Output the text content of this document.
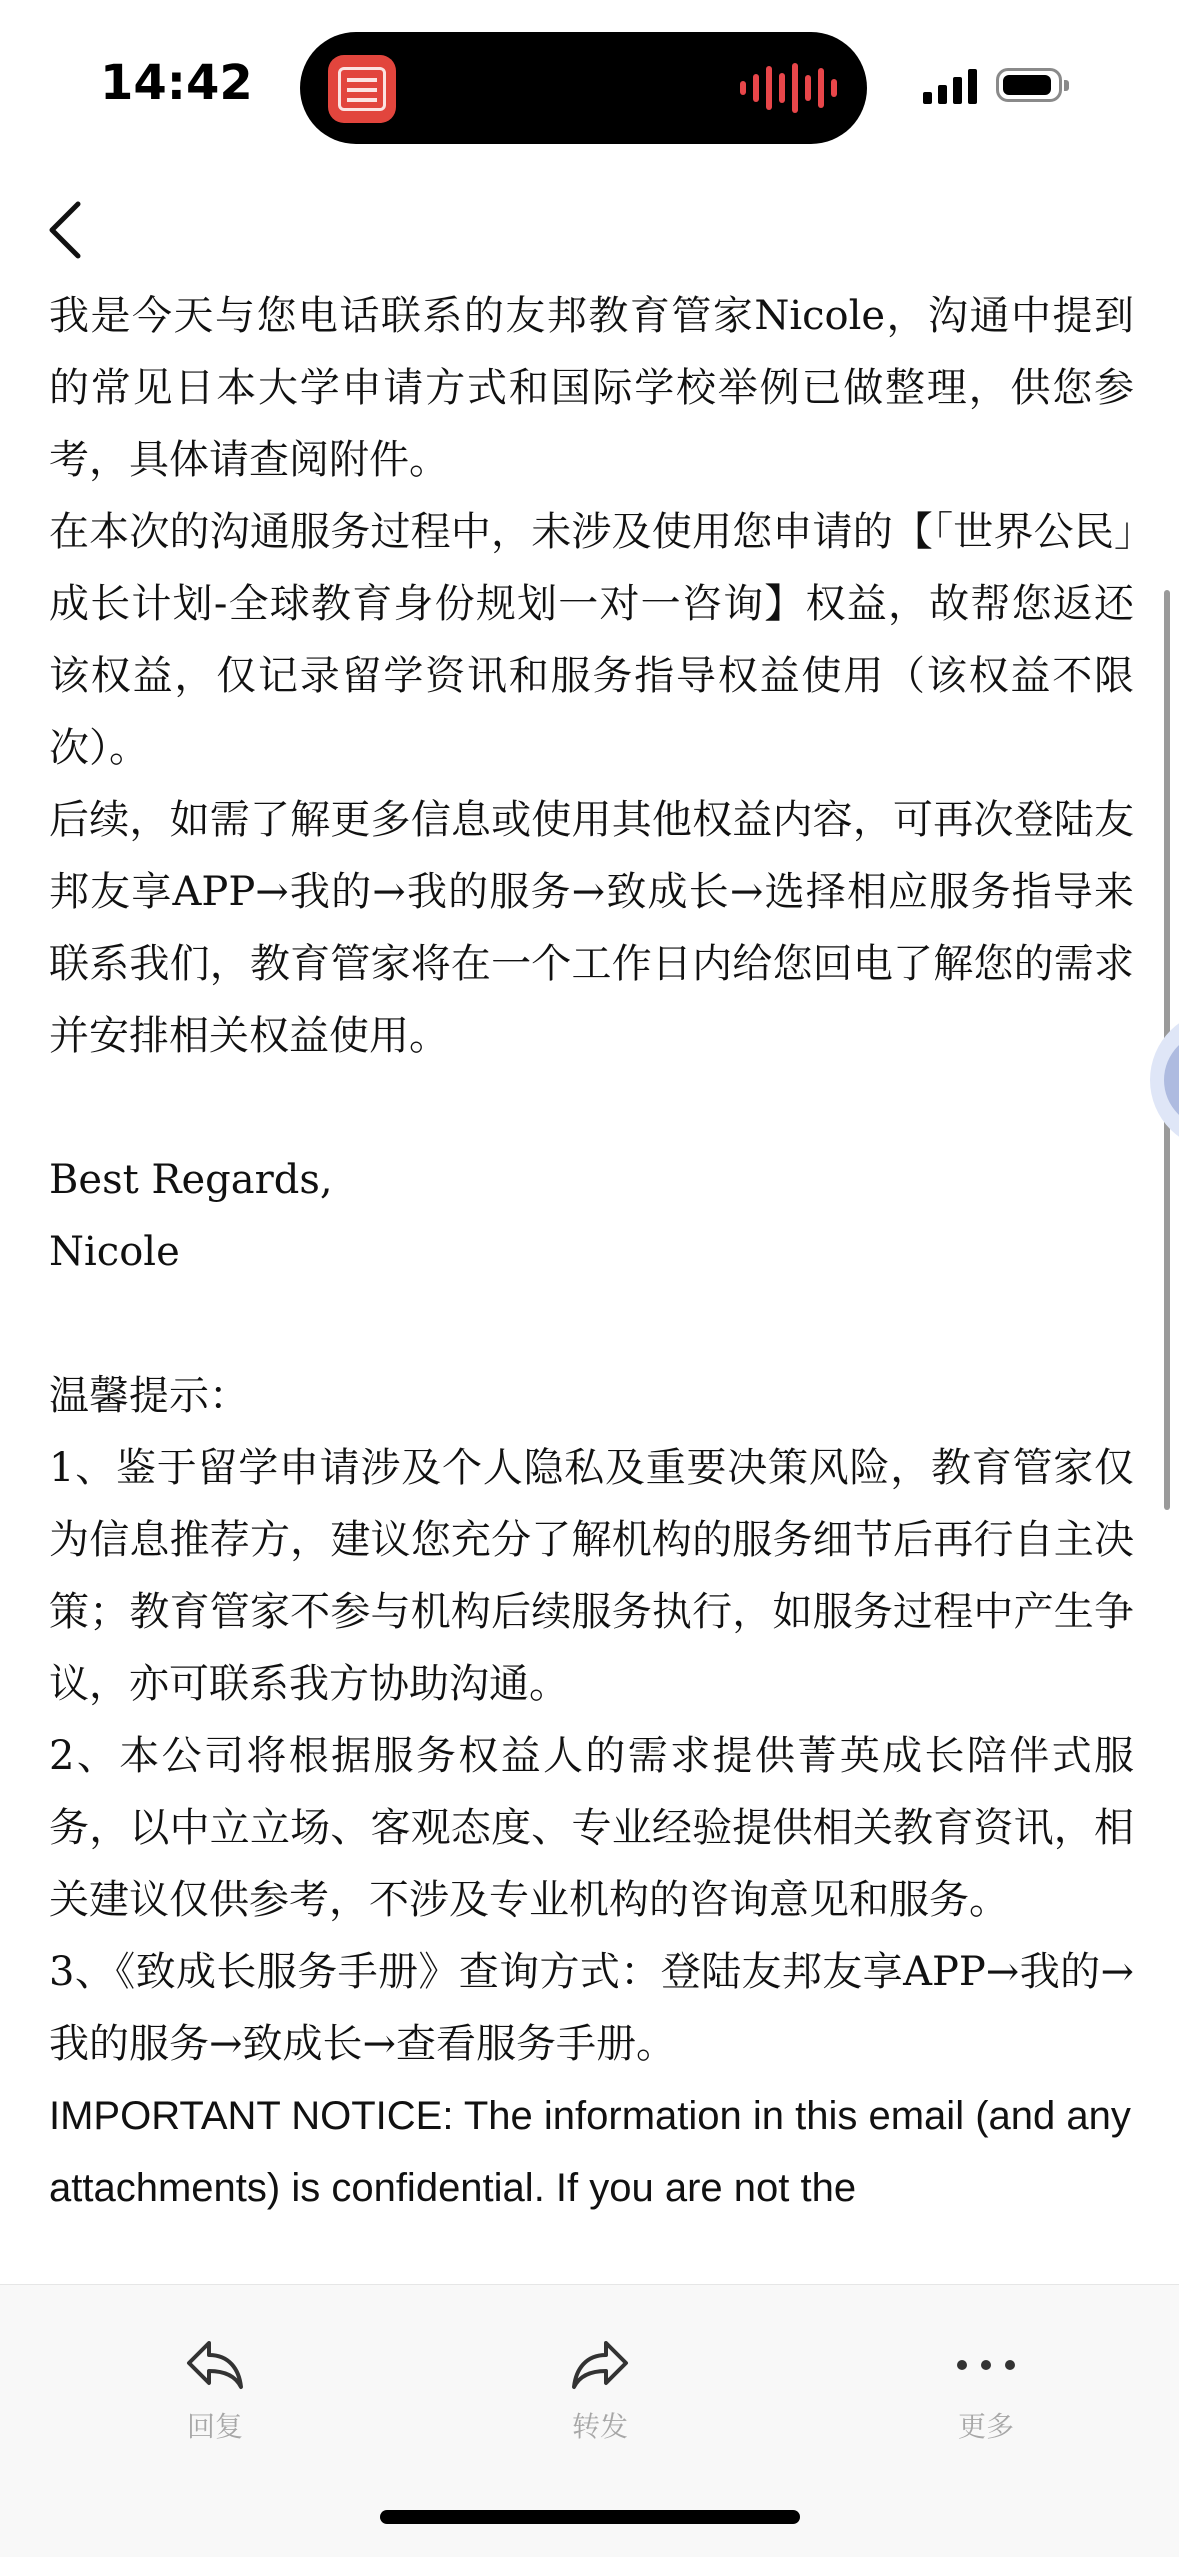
14:42

我是今天与您电话联系的友邦教育管家Nicole，沟通中提到的常见日本大学申请方式和国际学校举例已做整理，供您参考，具体请查阅附件。

在本次的沟通服务过程中，未涉及使用您申请的【「世界公民」成长计划-全球教育身份规划一对一咨询】权益，故帮您返还该权益，仅记录留学资讯和服务指导权益使用（该权益不限次）。

后续，如需了解更多信息或使用其他权益内容，可再次登陆友邦友享APP→我的→我的服务→致成长→选择相应服务指导来联系我们，教育管家将在一个工作日内给您回电了解您的需求并安排相关权益使用。

Best Regards,

Nicole

温馨提示：

1、鉴于留学申请涉及个人隐私及重要决策风险，教育管家仅为信息推荐方，建议您充分了解机构的服务细节后再行自主决策；教育管家不参与机构后续服务执行，如服务过程中产生争议，亦可联系我方协助沟通。

2、本公司将根据服务权益人的需求提供菁英成长陪伴式服务，以中立立场、客观态度、专业经验提供相关教育资讯，相关建议仅供参考，不涉及专业机构的咨询意见和服务。

3、《致成长服务手册》查询方式：登陆友邦友享APP→我的→我的服务→致成长→查看服务手册。

IMPORTANT NOTICE: The information in this email (and any attachments) is confidential. If you are not the

回复	转发	更多
